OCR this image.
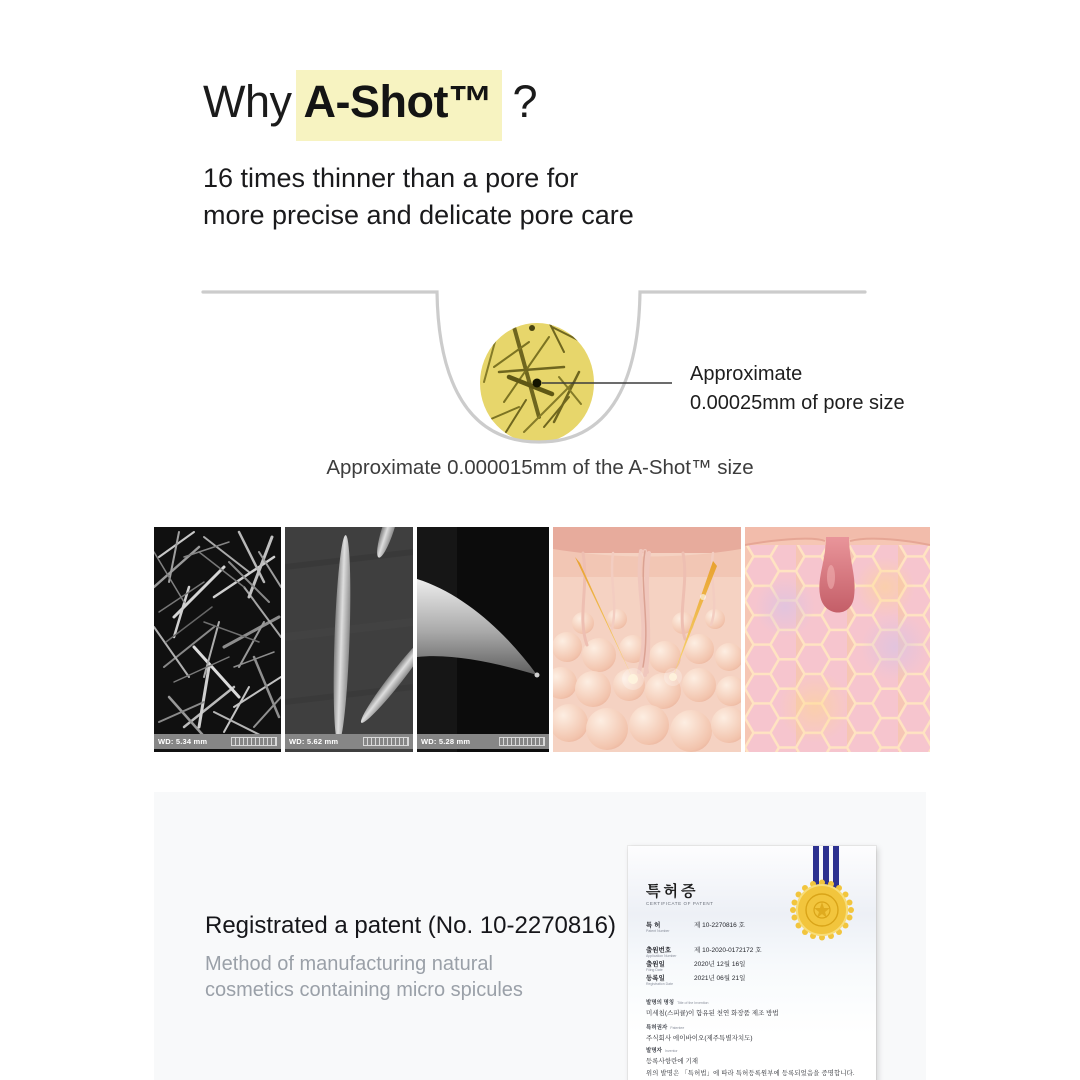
Why A-Shot™ ?
16 times thinner than a pore for
more precise and delicate pore care
Approximate
0.00025mm of pore size
Approximate 0.000015mm of the A-Shot™ size
WD: 5.34 mm	WD: 5.62 mm	WD: 5.28 mm
Registrated a patent (No. 10-2270816)
Method of manufacturing natural
cosmetics containing micro spicules
특허증
CERTIFICATE OF PATENT
특 허
Patent Number
제 10-2270816 호
출원번호
Application Number
제 10-2020-0172172 호
출원일
Filing Date
2020년 12월 16일
등록일
Registration Date
2021년 06월 21일
발명의 명칭 Title of the Invention
미세침(스피큘)이 함유된 천연 화장품 제조 방법
특허권자 Patentee
주식회사 에이바이오(제주특별자치도)
발명자 Inventor
등록사항란에 기재
위의 발명은 「특허법」에 따라 특허등록원부에 등록되었음을 증명합니다.
